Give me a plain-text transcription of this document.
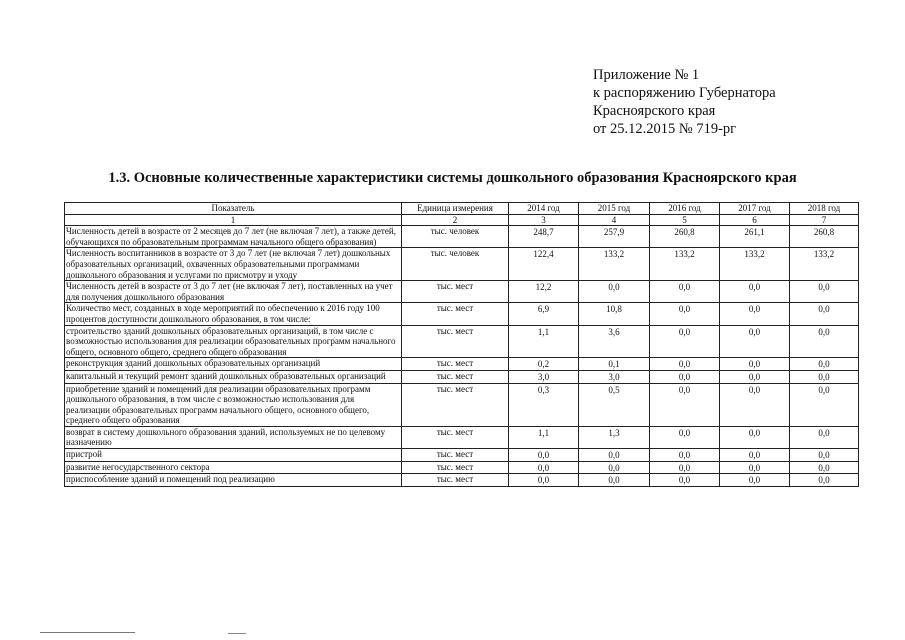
Приложение № 1
к распоряжению Губернатора
Красноярского края
от 25.12.2015 № 719-рг
1.3. Основные количественные характеристики системы дошкольного образования Красноярского края
Показатель	Единица измерения	2014 год	2015 год	2016 год	2017 год	2018 год
1	2	3	4	5	6	7
Численность детей в возрасте от 2 месяцев до 7 лет (не включая 7 лет), а также детей, обучающихся по образовательным программам начального общего образования)	тыс. человек	248,7	257,9	260,8	261,1	260,8
Численность воспитанников в возрасте от 3 до 7 лет (не включая 7 лет) дошкольных образовательных организаций, охваченных образовательными программами дошкольного образования и услугами по присмотру и уходу	тыс. человек	122,4	133,2	133,2	133,2	133,2
Численность детей в возрасте от 3 до 7 лет (не включая 7 лет), поставленных на учет для получения дошкольного образования	тыс. мест	12,2	0,0	0,0	0,0	0,0
Количество мест, созданных в ходе мероприятий по обеспечению к 2016 году 100 процентов доступности дошкольного образования, в том числе:	тыс. мест	6,9	10,8	0,0	0,0	0,0
строительство зданий дошкольных образовательных организаций, в том числе с возможностью использования для реализации образовательных программ начального общего, основного общего, среднего общего образования	тыс. мест	1,1	3,6	0,0	0,0	0,0
реконструкция зданий дошкольных образовательных организаций	тыс. мест	0,2	0,1	0,0	0,0	0,0
капитальный и текущий ремонт зданий дошкольных образовательных организаций	тыс. мест	3,0	3,0	0,0	0,0	0,0
приобретение зданий и помещений для реализации образовательных программ дошкольного образования, в том числе с возможностью использования для реализации образовательных программ начального общего, основного общего, среднего общего образования	тыс. мест	0,3	0,5	0,0	0,0	0,0
возврат в систему дошкольного образования зданий, используемых не по целевому назначению	тыс. мест	1,1	1,3	0,0	0,0	0,0
пристрой	тыс. мест	0,0	0,0	0,0	0,0	0,0
развитие негосударственного сектора	тыс. мест	0,0	0,0	0,0	0,0	0,0
приспособление зданий и помещений под реализацию	тыс. мест	0,0	0,0	0,0	0,0	0,0
